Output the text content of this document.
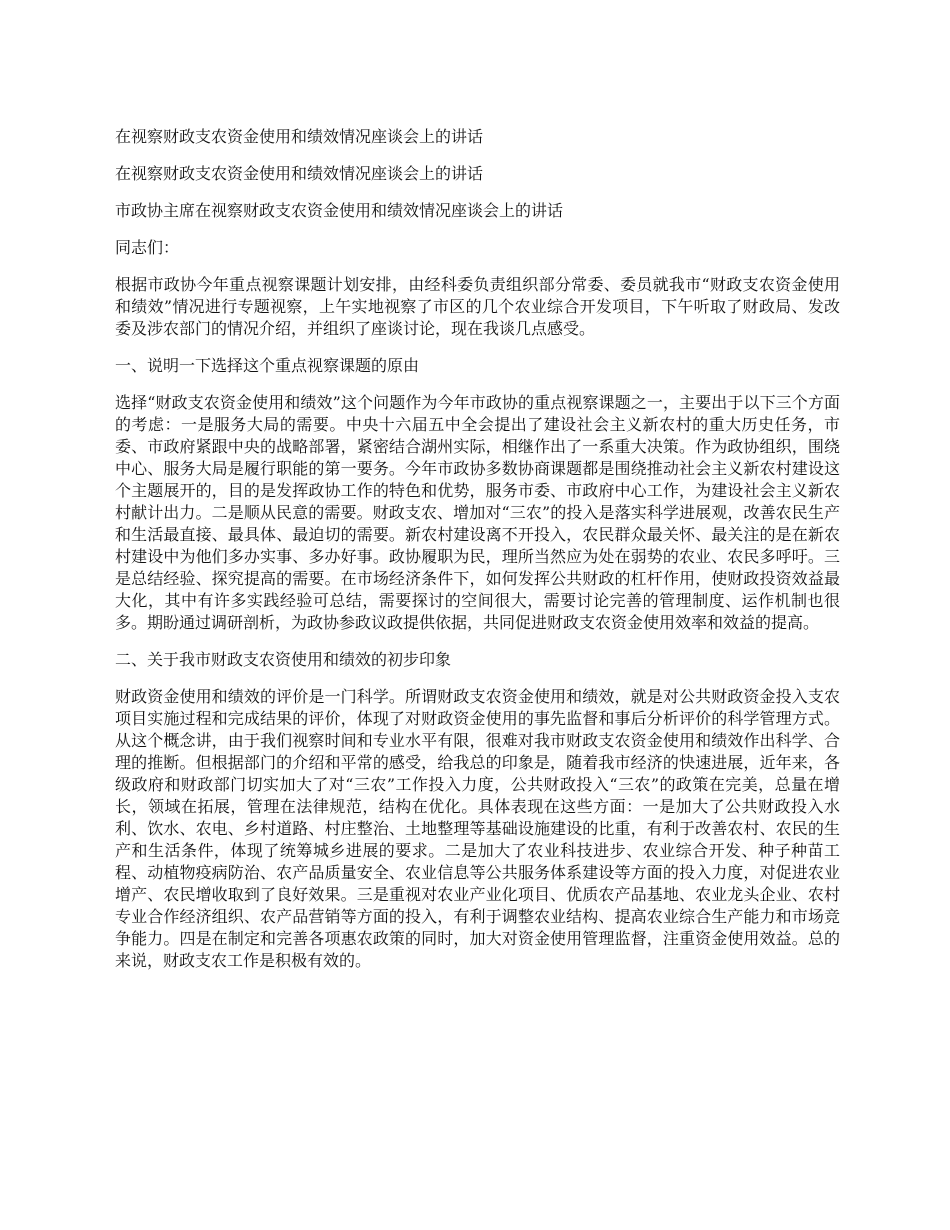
在视察财政支农资金使用和绩效情况座谈会上的讲话

在视察财政支农资金使用和绩效情况座谈会上的讲话

市政协主席在视察财政支农资金使用和绩效情况座谈会上的讲话

同志们：

根据市政协今年重点视察课题计划安排，由经科委负责组织部分常委、委员就我市“财政支农资金使用和绩效”情况进行专题视察，上午实地视察了市区的几个农业综合开发项目，下午听取了财政局、发改委及涉农部门的情况介绍，并组织了座谈讨论，现在我谈几点感受。

一、说明一下选择这个重点视察课题的原由

选择“财政支农资金使用和绩效”这个问题作为今年市政协的重点视察课题之一，主要出于以下三个方面的考虑：一是服务大局的需要。中央十六届五中全会提出了建设社会主义新农村的重大历史任务，市委、市政府紧跟中央的战略部署，紧密结合湖州实际，相继作出了一系重大决策。作为政协组织，围绕中心、服务大局是履行职能的第一要务。今年市政协多数协商课题都是围绕推动社会主义新农村建设这个主题展开的，目的是发挥政协工作的特色和优势，服务市委、市政府中心工作，为建设社会主义新农村献计出力。二是顺从民意的需要。财政支农、增加对“三农”的投入是落实科学进展观，改善农民生产和生活最直接、最具体、最迫切的需要。新农村建设离不开投入，农民群众最关怀、最关注的是在新农村建设中为他们多办实事、多办好事。政协履职为民，理所当然应为处在弱势的农业、农民多呼吁。三是总结经验、探究提高的需要。在市场经济条件下，如何发挥公共财政的杠杆作用，使财政投资效益最大化，其中有许多实践经验可总结，需要探讨的空间很大，需要讨论完善的管理制度、运作机制也很多。期盼通过调研剖析，为政协参政议政提供依据，共同促进财政支农资金使用效率和效益的提高。

二、关于我市财政支农资使用和绩效的初步印象

财政资金使用和绩效的评价是一门科学。所谓财政支农资金使用和绩效，就是对公共财政资金投入支农项目实施过程和完成结果的评价，体现了对财政资金使用的事先监督和事后分析评价的科学管理方式。从这个概念讲，由于我们视察时间和专业水平有限，很难对我市财政支农资金使用和绩效作出科学、合理的推断。但根据部门的介绍和平常的感受，给我总的印象是，随着我市经济的快速进展，近年来，各级政府和财政部门切实加大了对“三农”工作投入力度，公共财政投入“三农”的政策在完美，总量在增长，领域在拓展，管理在法律规范，结构在优化。具体表现在这些方面：一是加大了公共财政投入水利、饮水、农电、乡村道路、村庄整治、土地整理等基础设施建设的比重，有利于改善农村、农民的生产和生活条件，体现了统筹城乡进展的要求。二是加大了农业科技进步、农业综合开发、种子种苗工程、动植物疫病防治、农产品质量安全、农业信息等公共服务体系建设等方面的投入力度，对促进农业增产、农民增收取到了良好效果。三是重视对农业产业化项目、优质农产品基地、农业龙头企业、农村专业合作经济组织、农产品营销等方面的投入，有利于调整农业结构、提高农业综合生产能力和市场竞争能力。四是在制定和完善各项惠农政策的同时，加大对资金使用管理监督，注重资金使用效益。总的来说，财政支农工作是积极有效的。
